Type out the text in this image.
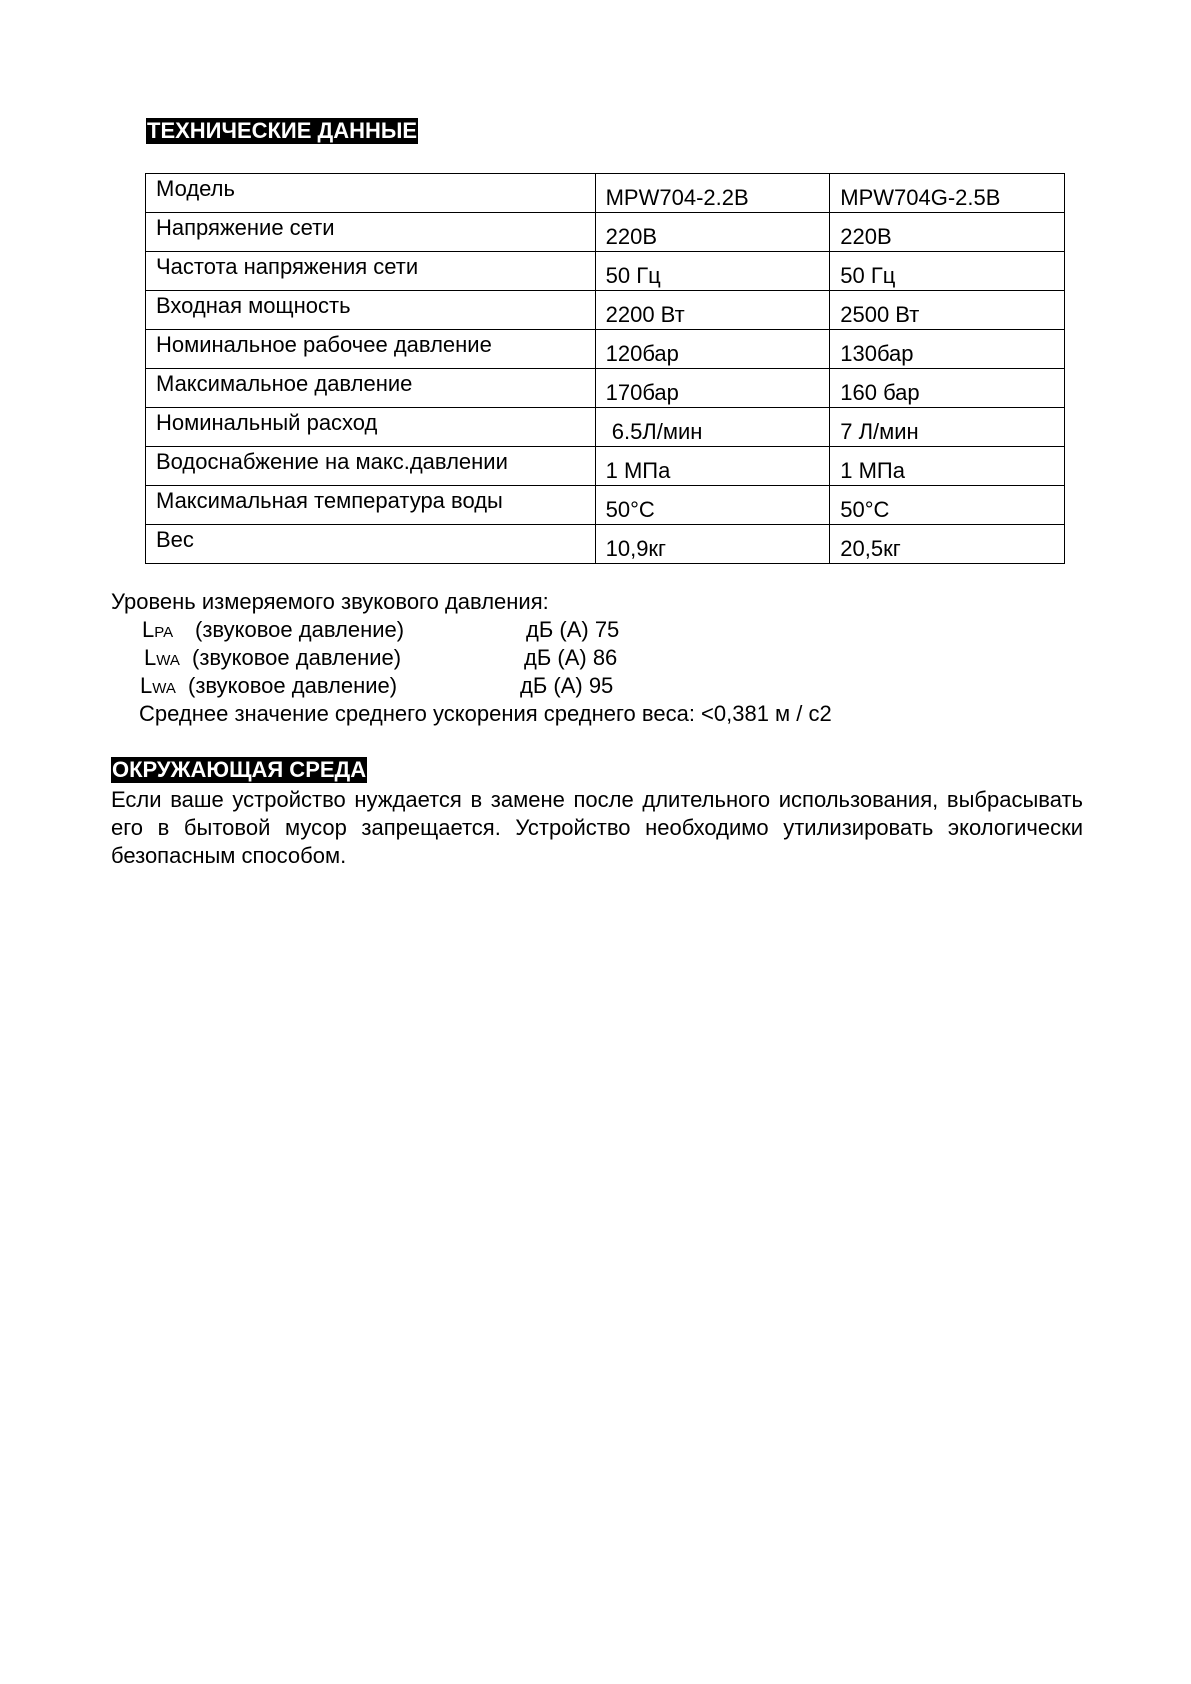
ТЕХНИЧЕСКИЕ ДАННЫЕ
Модель	MPW704-2.2B	MPW704G-2.5B
Напряжение сети	220В	220В
Частота напряжения сети	50 Гц	50 Гц
Входная мощность	2200 Вт	2500 Вт
Номинальное рабочее давление	120бар	130бар
Максимальное давление	170бар	160 бар
Номинальный расход	6.5Л/мин	7 Л/мин
Водоснабжение на макс.давлении	1 МПа	1 МПа
Максимальная температура воды	50°C	50°C
Вес	10,9кг	20,5кг
Уровень измеряемого звукового давления:
LPA (звуковое давление)	дБ (А) 75
LWA (звуковое давление)	дБ (А) 86
LWA (звуковое давление)	дБ (А) 95
Среднее значение среднего ускорения среднего веса: <0,381 м / с2
ОКРУЖАЮЩАЯ СРЕДА
Если ваше устройство нуждается в замене после длительного использования, выбрасывать его в бытовой мусор запрещается. Устройство необходимо утилизировать экологически безопасным способом.
